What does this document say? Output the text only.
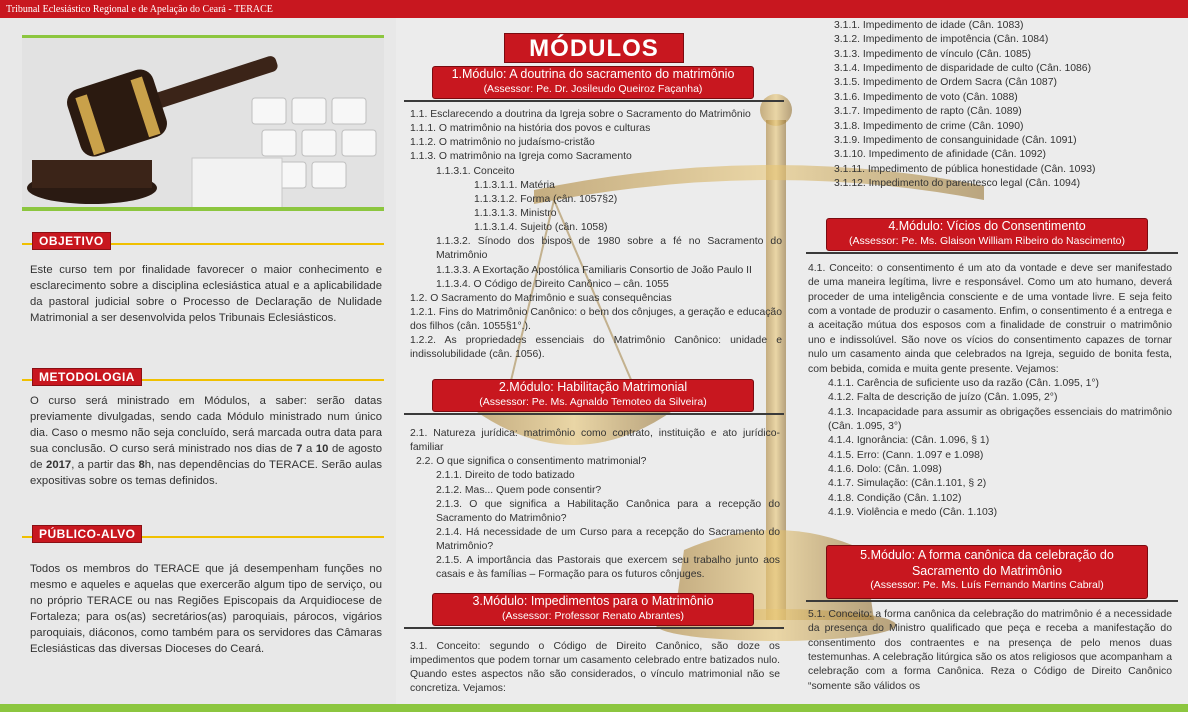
Tribunal Eclesiástico Regional e de Apelação do Ceará - TERACE
OBJETIVO
Este curso tem por finalidade favorecer o maior conhecimento e esclarecimento sobre a disciplina eclesiástica atual e a aplicabilidade da pastoral judicial sobre o Processo de Declaração de Nulidade Matrimonial a ser desenvolvida pelos Tribunais Eclesiásticos.
METODOLOGIA
O curso será ministrado em Módulos, a saber: serão datas previamente divulgadas, sendo cada Módulo ministrado num único dia. Caso o mesmo não seja concluído, será marcada outra data para sua conclusão. O curso será ministrado nos dias de 7 a 10 de agosto de 2017, a partir das 8h, nas dependências do TERACE. Serão aulas expositivas sobre os temas definidos.
PÚBLICO-ALVO
Todos os membros do TERACE que já desempenham funções no mesmo e aqueles e aquelas que exercerão algum tipo de serviço, ou no próprio TERACE ou nas Regiões Episcopais da Arquidiocese de Fortaleza; para os(as) secretários(as) paroquiais, párocos, vigários paroquiais, diáconos, como também para os servidores das Câmaras Eclesiásticas das diversas Dioceses do Ceará.
MÓDULOS
1.Módulo: A doutrina do sacramento do matrimônio
(Assessor: Pe. Dr. Josileudo Queiroz Façanha)
1.1. Esclarecendo a doutrina da Igreja sobre o Sacramento do Matrimônio
1.1.1. O matrimônio na história dos povos e culturas
1.1.2. O matrimônio no judaísmo-cristão
1.1.3. O matrimônio na Igreja como Sacramento
1.1.3.1. Conceito
1.1.3.1.1. Matéria
1.1.3.1.2. Forma (cân. 1057§2)
1.1.3.1.3. Ministro
1.1.3.1.4. Sujeito (cân. 1058)
1.1.3.2. Sínodo dos bispos de 1980 sobre a fé no Sacramento do Matrimônio
1.1.3.3. A Exortação Apostólica Familiaris Consortio de João Paulo II
1.1.3.4. O Código de Direito Canônico – cân. 1055
1.2. O Sacramento do Matrimônio e suas consequências
1.2.1. Fins do Matrimônio Canônico: o bem dos cônjuges, a geração e educação dos filhos (cân. 1055§1°.).
1.2.2. As propriedades essenciais do Matrimônio Canônico: unidade e indissolubilidade (cân. 1056).
2.Módulo: Habilitação Matrimonial
(Assessor: Pe. Ms. Agnaldo Temoteo da Silveira)
2.1. Natureza jurídica: matrimônio como contrato, instituição e ato jurídico-familiar
2.2. O que significa o consentimento matrimonial?
2.1.1. Direito de todo batizado
2.1.2. Mas... Quem pode consentir?
2.1.3. O que significa a Habilitação Canônica para a recepção do Sacramento do Matrimônio?
2.1.4. Há necessidade de um Curso para a recepção do Sacramento do Matrimônio?
2.1.5. A importância das Pastorais que exercem seu trabalho junto aos casais e às famílias – Formação para os futuros cônjuges.
3.Módulo: Impedimentos para o Matrimônio
(Assessor: Professor Renato Abrantes)
3.1. Conceito: segundo o Código de Direito Canônico, são doze os impedimentos que podem tornar um casamento celebrado entre batizados nulo. Quando estes aspectos não são considerados, o vínculo matrimonial não se concretiza. Vejamos:
3.1.1. Impedimento de idade (Cân. 1083)
3.1.2. Impedimento de impotência (Cân. 1084)
3.1.3. Impedimento de vínculo (Cân. 1085)
3.1.4. Impedimento de disparidade de culto (Cân. 1086)
3.1.5. Impedimento de Ordem Sacra (Cân 1087)
3.1.6. Impedimento de voto (Cân. 1088)
3.1.7. Impedimento de rapto (Cân. 1089)
3.1.8. Impedimento de crime (Cân. 1090)
3.1.9. Impedimento de consanguinidade (Cân. 1091)
3.1.10. Impedimento de afinidade (Cân. 1092)
3.1.11. Impedimento de pública honestidade (Cân. 1093)
3.1.12. Impedimento do parentesco legal (Cân. 1094)
4.Módulo: Vícios do Consentimento
(Assessor: Pe. Ms. Glaison William Ribeiro do Nascimento)
4.1. Conceito: o consentimento é um ato da vontade e deve ser manifestado de uma maneira legítima, livre e responsável. Como um ato humano, deverá proceder de uma inteligência consciente e de uma vontade livre. E seja feito com a vontade de produzir o casamento. Enfim, o consentimento é a entrega e a aceitação mútua dos esposos com a finalidade de construir o matrimônio uno e indissolúvel. São nove os vícios do consentimento capazes de tornar nulo um casamento ainda que celebrados na Igreja, seguido de bonita festa, com bebida, comida e muita gente presente. Vejamos:
4.1.1. Carência de suficiente uso da razão (Cân. 1.095, 1°)
4.1.2. Falta de descrição de juízo (Cân. 1.095, 2°)
4.1.3. Incapacidade para assumir as obrigações essenciais do matrimônio (Cân. 1.095, 3°)
4.1.4. Ignorância: (Cân. 1.096, § 1)
4.1.5. Erro: (Cann. 1.097 e 1.098)
4.1.6. Dolo: (Cân. 1.098)
4.1.7. Simulação: (Cân.1.101, § 2)
4.1.8. Condição (Cân. 1.102)
4.1.9. Violência e medo (Cân. 1.103)
5.Módulo: A forma canônica da celebração do Sacramento do Matrimônio
(Assessor: Pe. Ms. Luís Fernando Martins Cabral)
5.1. Conceito: a forma canônica da celebração do matrimônio é a necessidade da presença do Ministro qualificado que peça e receba a manifestação do consentimento dos contraentes e na presença de pelo menos duas testemunhas. A celebração litúrgica são os atos religiosos que acompanham a celebração com a forma Canônica. Reza o Código de Direito Canônico “somente são válidos os
